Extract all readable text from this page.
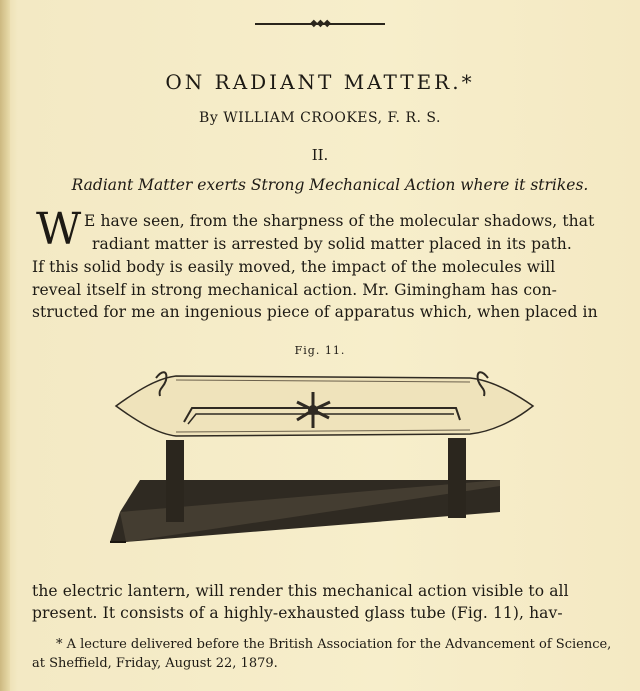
◆◆◆
ON RADIANT MATTER.*
By WILLIAM CROOKES, F. R. S.
II.
Radiant Matter exerts Strong Mechanical Action where it strikes.
W E have seen, from the sharpness of the molecular shadows, that
radiant matter is arrested by solid matter placed in its path.
If this solid body is easily moved, the impact of the molecules will
reveal itself in strong mechanical action. Mr. Gimingham has con-
structed for me an ingenious piece of apparatus which, when placed in
Fig. 11.
the electric lantern, will render this mechanical action visible to all
present. It consists of a highly-exhausted glass tube (Fig. 11), hav-
* A lecture delivered before the British Association for the Advancement of Science,
at Sheffield, Friday, August 22, 1879.
